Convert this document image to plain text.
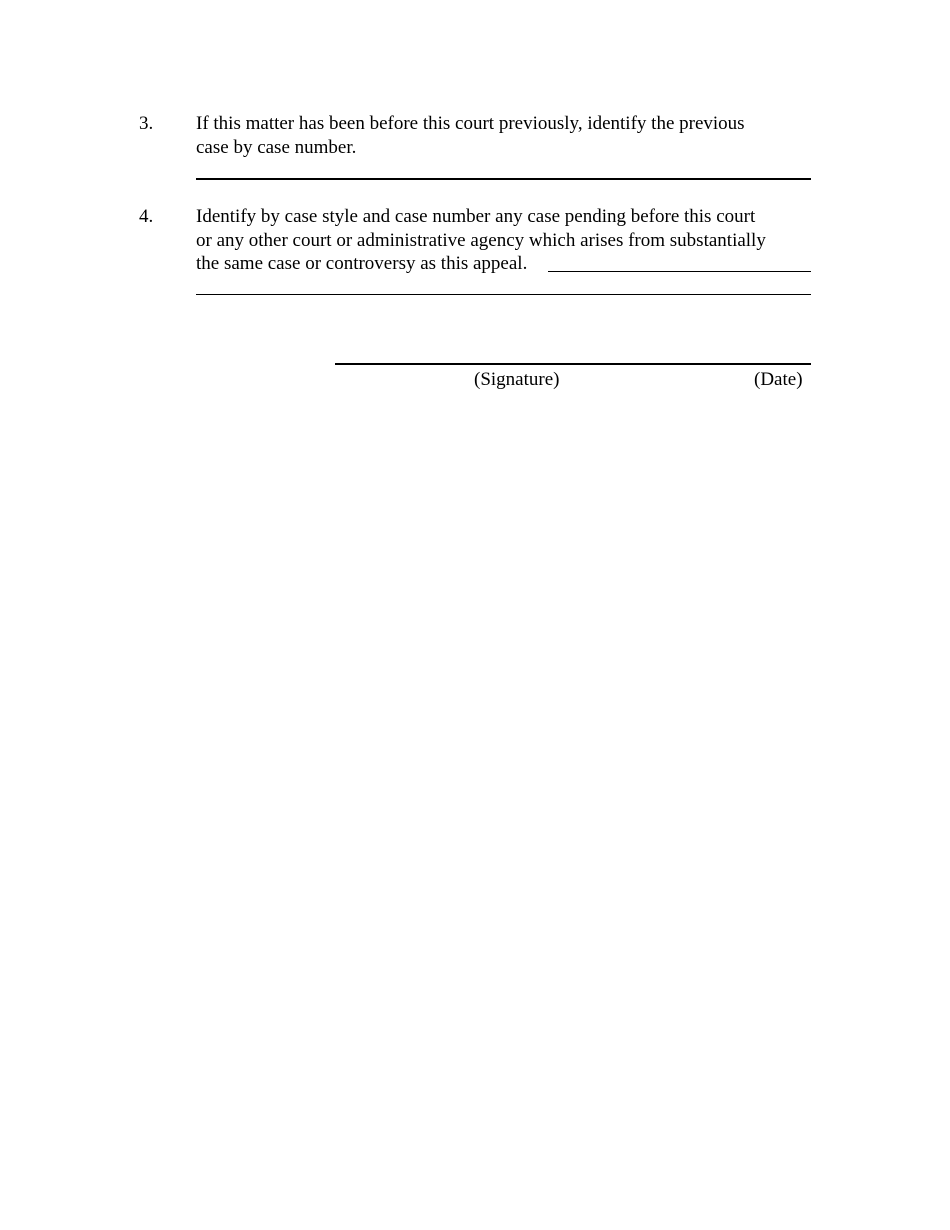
3. If this matter has been before this court previously, identify the previous
case by case number.
4. Identify by case style and case number any case pending before this court
or any other court or administrative agency which arises from substantially
the same case or controversy as this appeal.
(Signature)	(Date)
